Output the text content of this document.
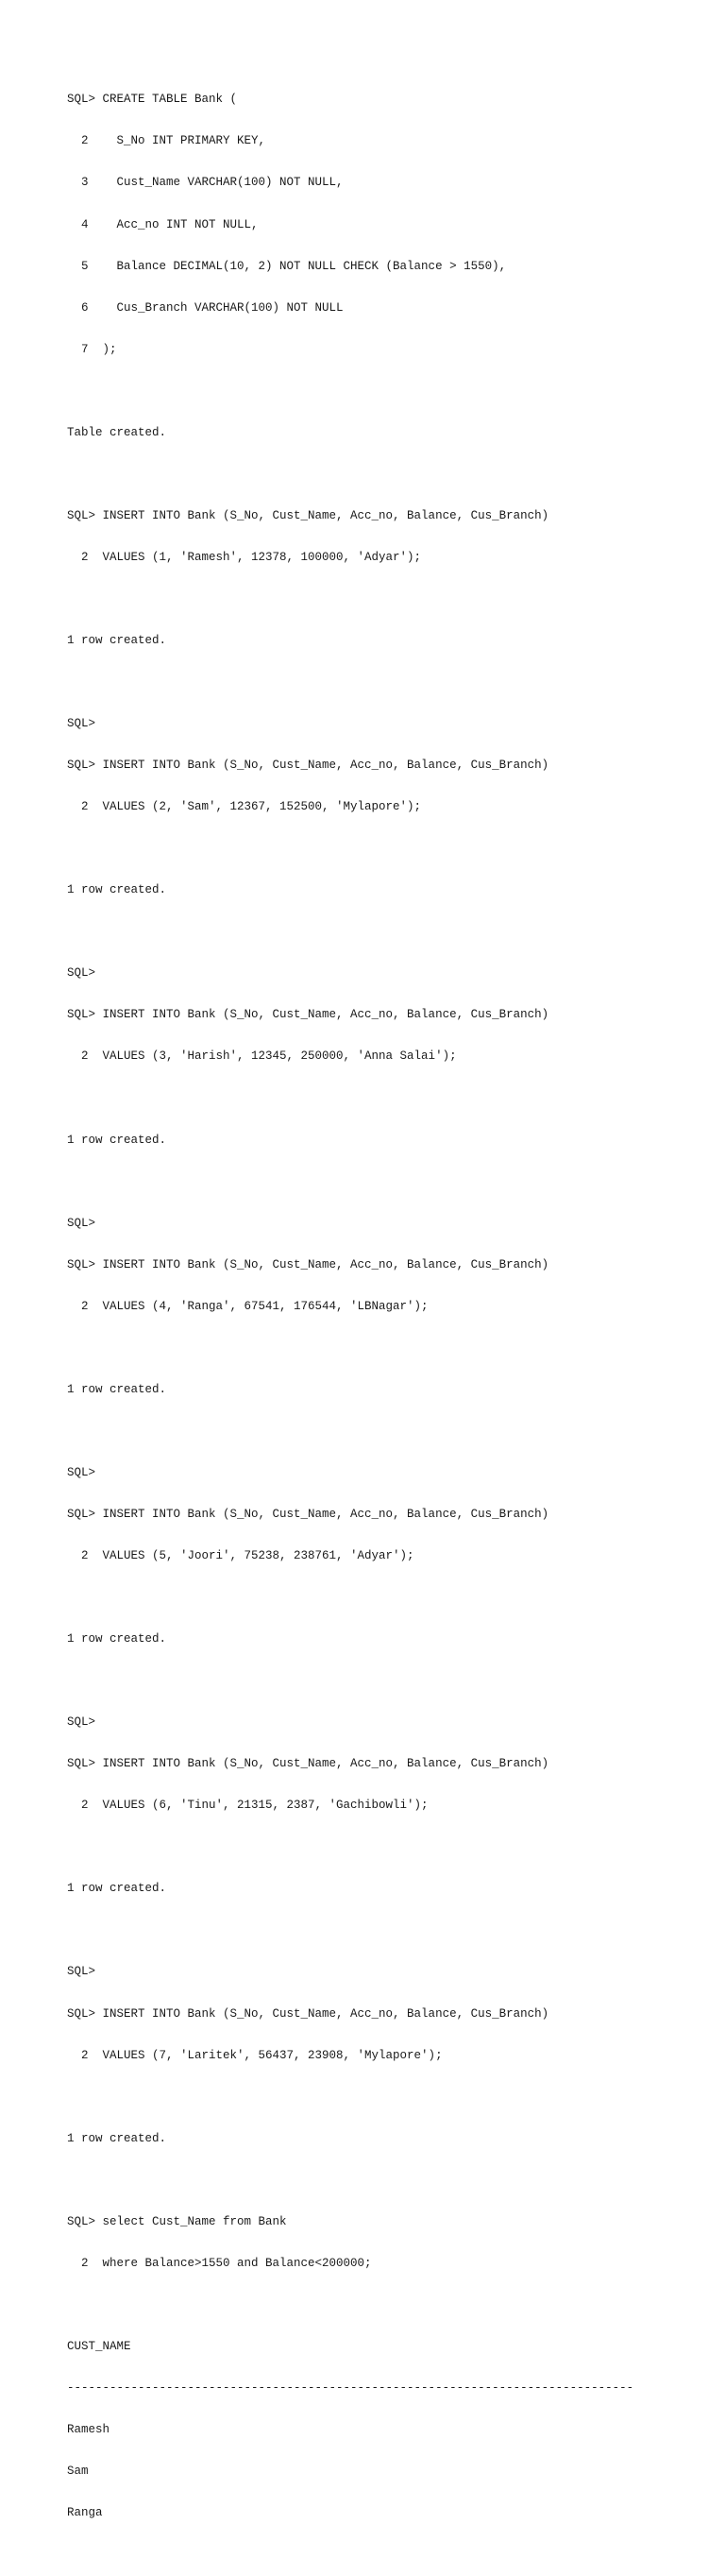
SQL> CREATE TABLE Bank (

2    S_No INT PRIMARY KEY,

3    Cust_Name VARCHAR(100) NOT NULL,

4    Acc_no INT NOT NULL,

5    Balance DECIMAL(10, 2) NOT NULL CHECK (Balance > 1550),

6    Cus_Branch VARCHAR(100) NOT NULL

7  );

Table created.

SQL> INSERT INTO Bank (S_No, Cust_Name, Acc_no, Balance, Cus_Branch)

2  VALUES (1, 'Ramesh', 12378, 100000, 'Adyar');

1 row created.

SQL>

SQL> INSERT INTO Bank (S_No, Cust_Name, Acc_no, Balance, Cus_Branch)

2  VALUES (2, 'Sam', 12367, 152500, 'Mylapore');

1 row created.

SQL>

SQL> INSERT INTO Bank (S_No, Cust_Name, Acc_no, Balance, Cus_Branch)

2  VALUES (3, 'Harish', 12345, 250000, 'Anna Salai');

1 row created.

SQL>

SQL> INSERT INTO Bank (S_No, Cust_Name, Acc_no, Balance, Cus_Branch)

2  VALUES (4, 'Ranga', 67541, 176544, 'LBNagar');

1 row created.

SQL>

SQL> INSERT INTO Bank (S_No, Cust_Name, Acc_no, Balance, Cus_Branch)

2  VALUES (5, 'Joori', 75238, 238761, 'Adyar');

1 row created.

SQL>

SQL> INSERT INTO Bank (S_No, Cust_Name, Acc_no, Balance, Cus_Branch)

2  VALUES (6, 'Tinu', 21315, 2387, 'Gachibowli');

1 row created.

SQL>

SQL> INSERT INTO Bank (S_No, Cust_Name, Acc_no, Balance, Cus_Branch)

2  VALUES (7, 'Laritek', 56437, 23908, 'Mylapore');

1 row created.

SQL> select Cust_Name from Bank

2  where Balance>1550 and Balance<200000;

CUST_NAME

--------------------------------------------------------------------------------

Ramesh

Sam

Ranga
